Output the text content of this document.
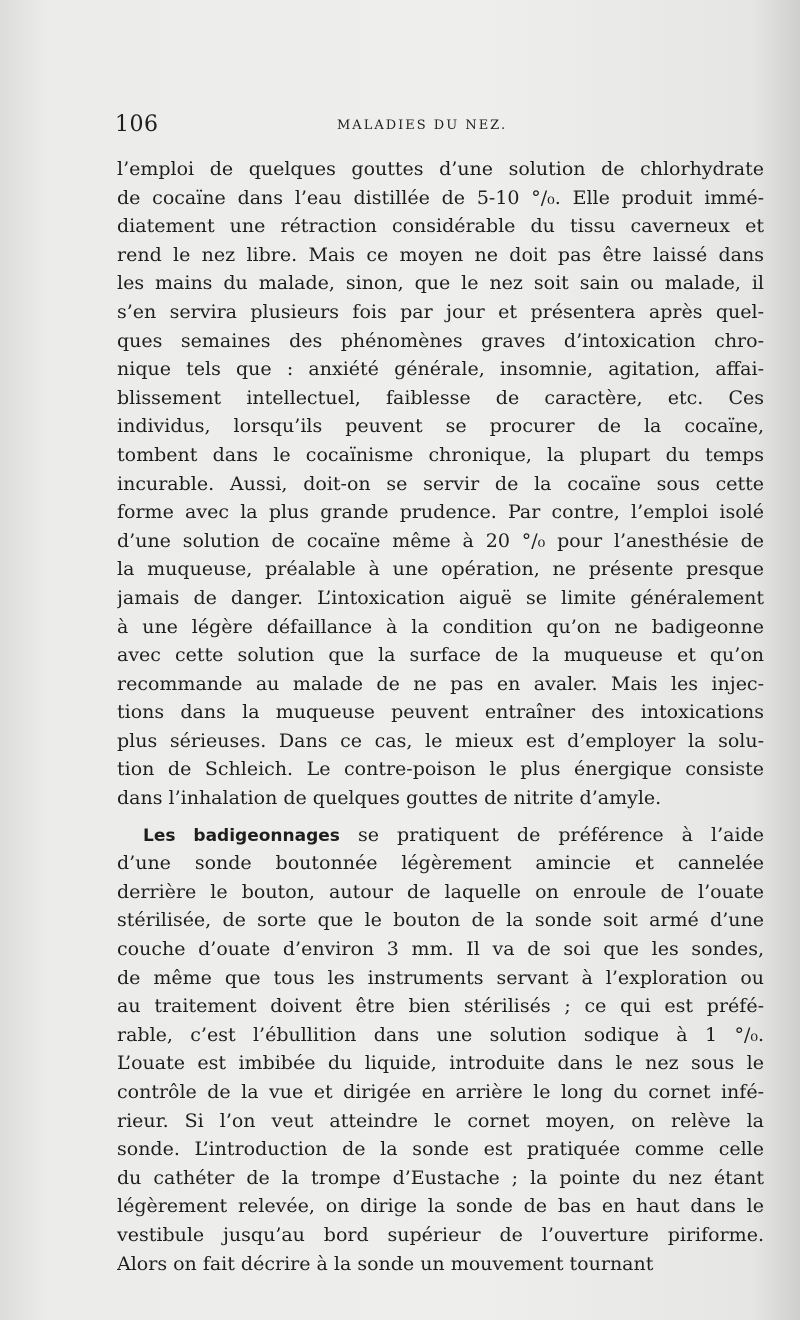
106	MALADIES DU NEZ.
l’emploi de quelques gouttes d’une solution de chlorhydrate
de cocaïne dans l’eau distillée de 5-10 °/₀. Elle produit immé-
diatement une rétraction considérable du tissu caverneux et
rend le nez libre. Mais ce moyen ne doit pas être laissé dans
les mains du malade, sinon, que le nez soit sain ou malade, il
s’en servira plusieurs fois par jour et présentera après quel-
ques semaines des phénomènes graves d’intoxication chro-
nique tels que : anxiété générale, insomnie, agitation, affai-
blissement intellectuel, faiblesse de caractère, etc. Ces
individus, lorsqu’ils peuvent se procurer de la cocaïne,
tombent dans le cocaïnisme chronique, la plupart du temps
incurable. Aussi, doit-on se servir de la cocaïne sous cette
forme avec la plus grande prudence. Par contre, l’emploi isolé
d’une solution de cocaïne même à 20 °/₀ pour l’anesthésie de
la muqueuse, préalable à une opération, ne présente presque
jamais de danger. L’intoxication aiguë se limite généralement
à une légère défaillance à la condition qu’on ne badigeonne
avec cette solution que la surface de la muqueuse et qu’on
recommande au malade de ne pas en avaler. Mais les injec-
tions dans la muqueuse peuvent entraîner des intoxications
plus sérieuses. Dans ce cas, le mieux est d’employer la solu-
tion de Schleich. Le contre-poison le plus énergique consiste
dans l’inhalation de quelques gouttes de nitrite d’amyle.
Les badigeonnages se pratiquent de préférence à l’aide
d’une sonde boutonnée légèrement amincie et cannelée
derrière le bouton, autour de laquelle on enroule de l’ouate
stérilisée, de sorte que le bouton de la sonde soit armé d’une
couche d’ouate d’environ 3 mm. Il va de soi que les sondes,
de même que tous les instruments servant à l’exploration ou
au traitement doivent être bien stérilisés ; ce qui est préfé-
rable, c’est l’ébullition dans une solution sodique à 1 °/₀.
L’ouate est imbibée du liquide, introduite dans le nez sous le
contrôle de la vue et dirigée en arrière le long du cornet infé-
rieur. Si l’on veut atteindre le cornet moyen, on relève la
sonde. L’introduction de la sonde est pratiquée comme celle
du cathéter de la trompe d’Eustache ; la pointe du nez étant
légèrement relevée, on dirige la sonde de bas en haut dans le
vestibule jusqu’au bord supérieur de l’ouverture piriforme.
Alors on fait décrire à la sonde un mouvement tournant
